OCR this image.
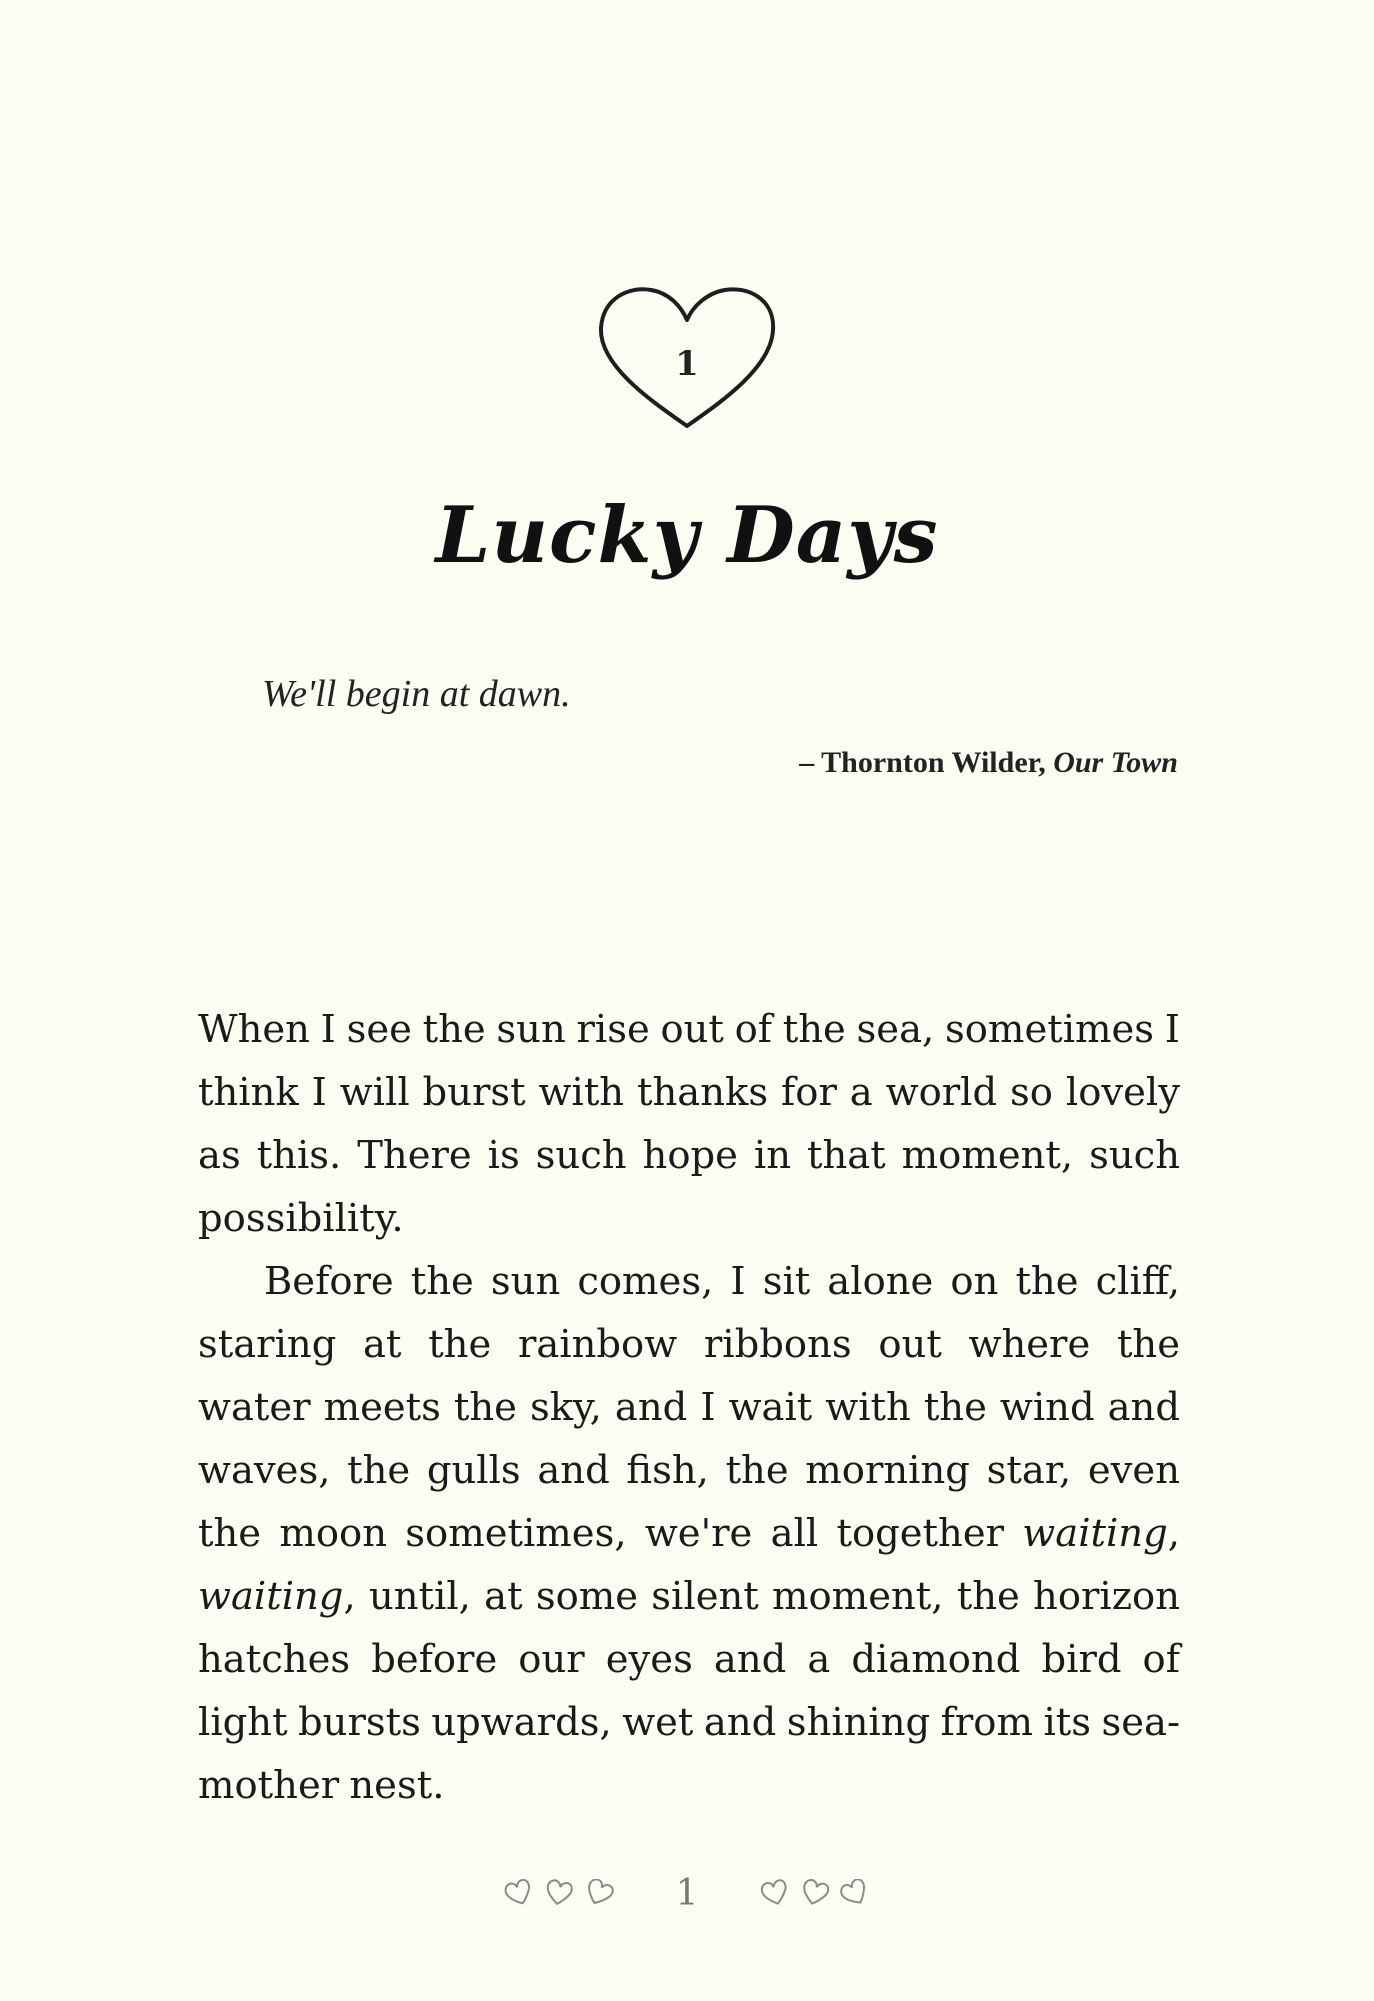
1
Lucky Days
We'll begin at dawn.
– Thornton Wilder, Our Town

When I see the sun rise out of the sea, sometimes I think I will burst with thanks for a world so lovely as this. There is such hope in that moment, such possibility.

Before the sun comes, I sit alone on the cliff, staring at the rainbow ribbons out where the water meets the sky, and I wait with the wind and waves, the gulls and fish, the morning star, even the moon sometimes, we're all together waiting, waiting, until, at some silent moment, the horizon hatches before our eyes and a diamond bird of light bursts upwards, wet and shining from its sea-mother nest.

1
